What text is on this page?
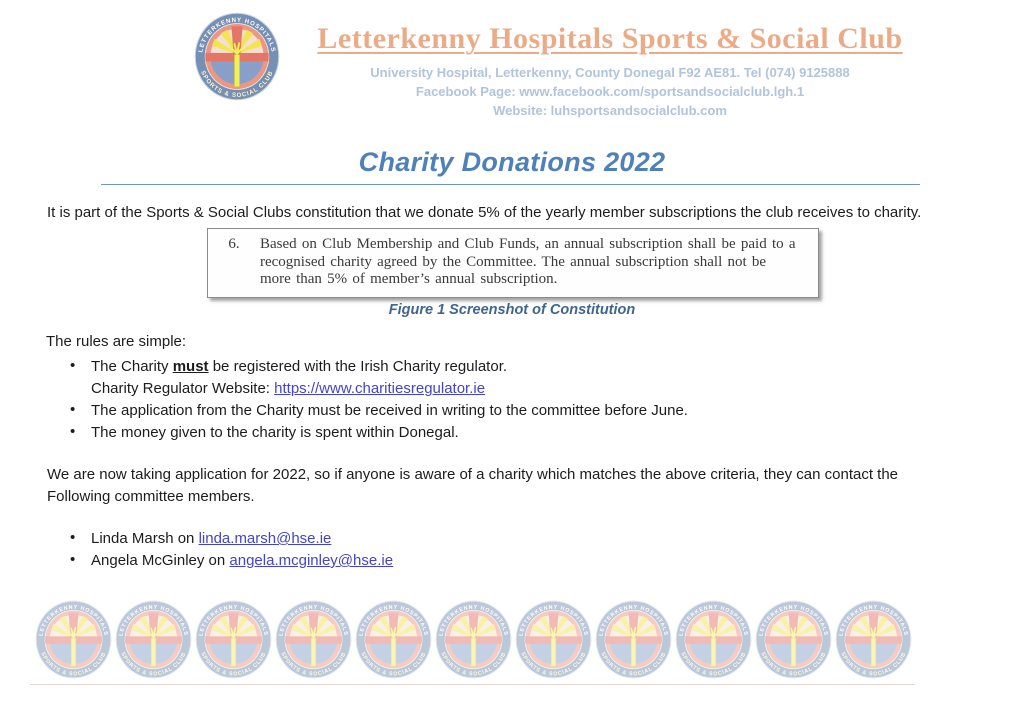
Letterkenny Hospitals Sports & Social Club
University Hospital, Letterkenny, County Donegal F92 AE81. Tel (074) 9125888
Facebook Page: www.facebook.com/sportsandsocialclub.lgh.1
Website: luhsportsandsocialclub.com
Charity Donations 2022
It is part of the Sports & Social Clubs constitution that we donate 5% of the yearly member subscriptions the club receives to charity.
6.	Based on Club Membership and Club Funds, an annual subscription shall be paid to a recognised charity agreed by the Committee. The annual subscription shall not be more than 5% of member’s annual subscription.
Figure 1 Screenshot of Constitution
The rules are simple:
• The Charity must be registered with the Irish Charity regulator.
Charity Regulator Website: https://www.charitiesregulator.ie
• The application from the Charity must be received in writing to the committee before June.
• The money given to the charity is spent within Donegal.
We are now taking application for 2022, so if anyone is aware of a charity which matches the above criteria, they can contact the
Following committee members.
• Linda Marsh on linda.marsh@hse.ie
• Angela McGinley on angela.mcginley@hse.ie
